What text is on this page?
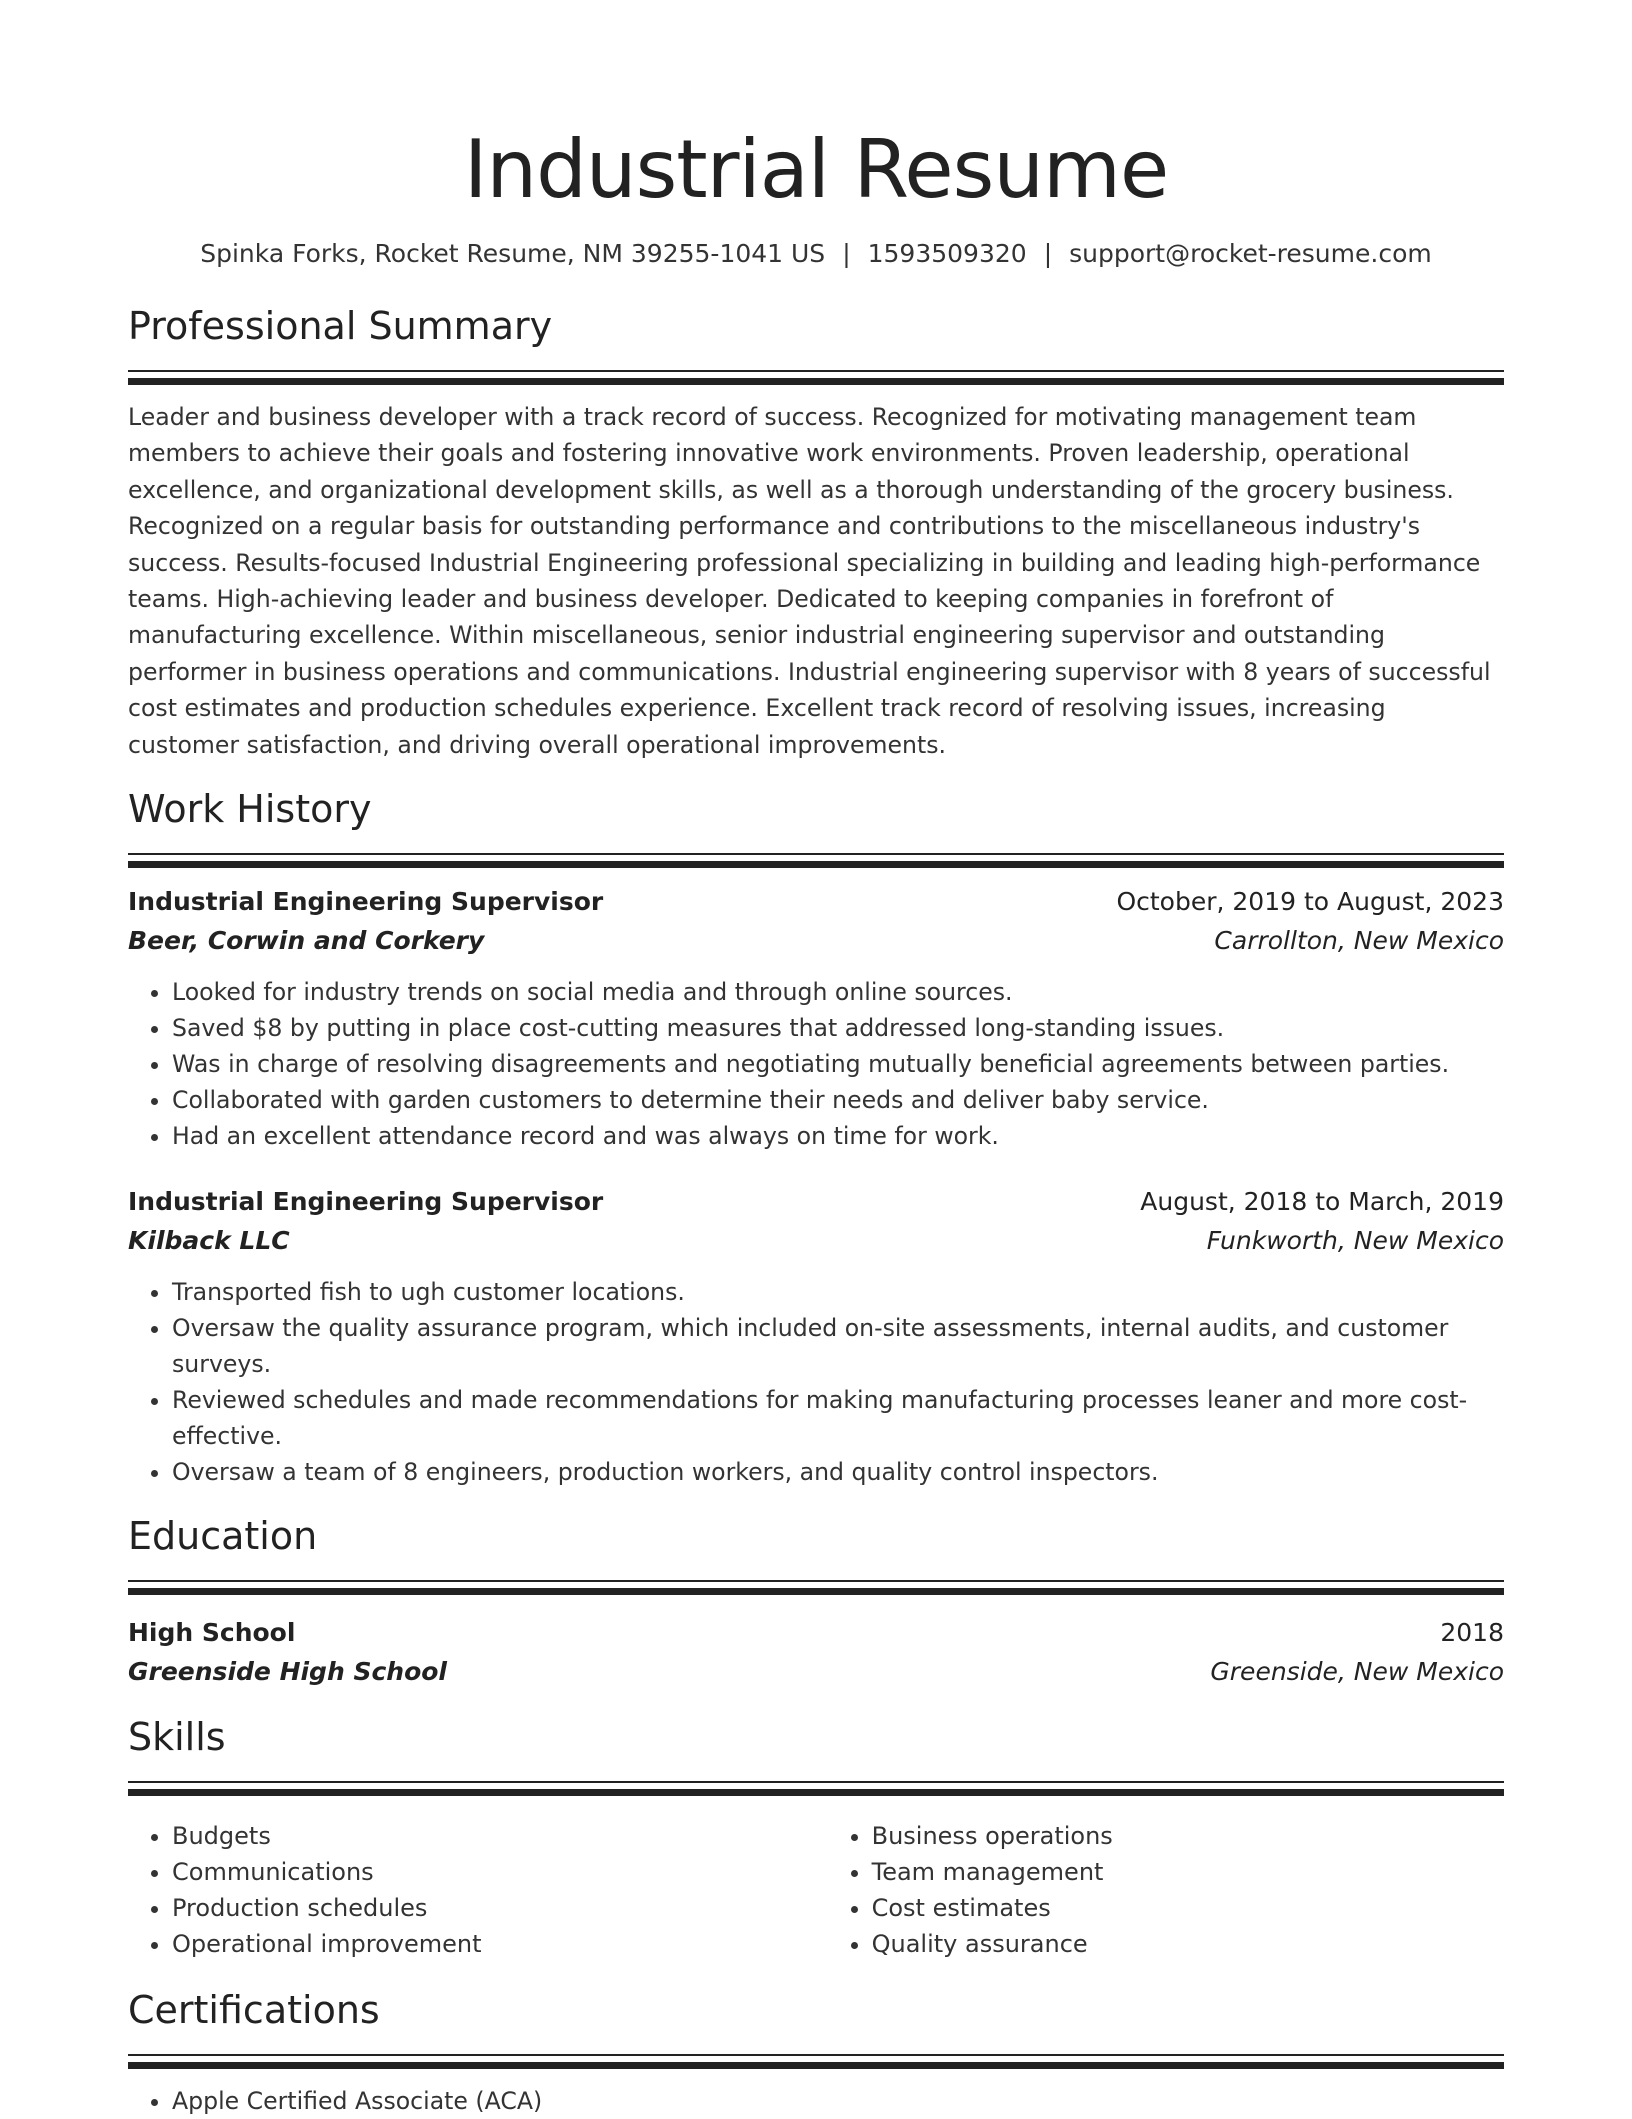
Industrial Resume
Spinka Forks, Rocket Resume, NM 39255-1041 US | 1593509320 | support@rocket-resume.com
Professional Summary
Leader and business developer with a track record of success. Recognized for motivating management team members to achieve their goals and fostering innovative work environments. Proven leadership, operational excellence, and organizational development skills, as well as a thorough understanding of the grocery business. Recognized on a regular basis for outstanding performance and contributions to the miscellaneous industry's success. Results-focused Industrial Engineering professional specializing in building and leading high-performance teams. High-achieving leader and business developer. Dedicated to keeping companies in forefront of manufacturing excellence. Within miscellaneous, senior industrial engineering supervisor and outstanding performer in business operations and communications. Industrial engineering supervisor with 8 years of successful cost estimates and production schedules experience. Excellent track record of resolving issues, increasing customer satisfaction, and driving overall operational improvements.
Work History
Industrial Engineering Supervisor	October, 2019 to August, 2023
Beer, Corwin and Corkery	Carrollton, New Mexico
• Looked for industry trends on social media and through online sources.
• Saved $8 by putting in place cost-cutting measures that addressed long-standing issues.
• Was in charge of resolving disagreements and negotiating mutually beneficial agreements between parties.
• Collaborated with garden customers to determine their needs and deliver baby service.
• Had an excellent attendance record and was always on time for work.
Industrial Engineering Supervisor	August, 2018 to March, 2019
Kilback LLC	Funkworth, New Mexico
• Transported fish to ugh customer locations.
• Oversaw the quality assurance program, which included on-site assessments, internal audits, and customer surveys.
• Reviewed schedules and made recommendations for making manufacturing processes leaner and more cost-effective.
• Oversaw a team of 8 engineers, production workers, and quality control inspectors.
Education
High School	2018
Greenside High School	Greenside, New Mexico
Skills
• Budgets
• Communications
• Production schedules
• Operational improvement
• Business operations
• Team management
• Cost estimates
• Quality assurance
Certifications
• Apple Certified Associate (ACA)
